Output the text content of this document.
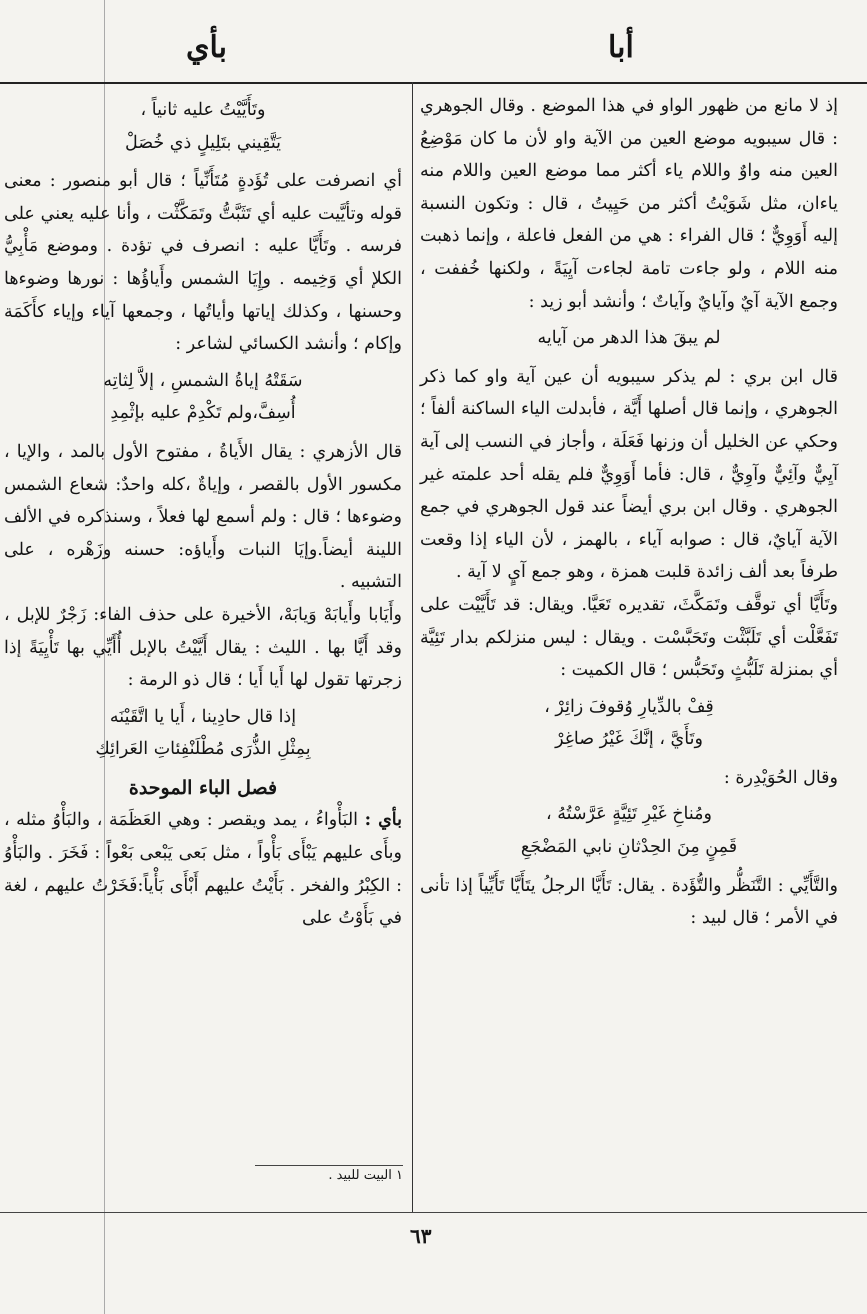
أبا
بأي

إذ لا مانع من ظهور الواو في هذا الموضع . وقال الجوهري : قال سيبويه موضع العين من الآية واو لأن ما كان مَوْضِعُ العين منه واوٌ واللام ياء أكثر مما موضع العين واللام منه ياءان، مثل شَوَيْتُ أكثر من حَيِيتُ ، قال : وتكون النسبة إليه أَوَوِيٌّ ؛ قال الفراء : هي من الفعل فاعلة ، وإنما ذهبت منه اللام ، ولو جاءت تامة لجاءت آيِيَةً ، ولكنها خُففت ، وجمع الآية آيٌ وآيايٌ وآياتٌ ؛ وأنشد أبو زيد :

لم يبقَ هذا الدهر من آيايه

قال ابن بري : لم يذكر سيبويه أن عين آية واو كما ذكر الجوهري ، وإنما قال أصلها أَيَّة ، فأبدلت الياء الساكنة ألفاً ؛ وحكي عن الخليل أن وزنها فَعَلَة ، وأجاز في النسب إلى آية آيِيٌّ وآئِيٌّ وآوِيٌّ ، قال: فأما أَوَوِيٌّ فلم يقله أحد علمته غير الجوهري . وقال ابن بري أيضاً عند قول الجوهري في جمع الآية آيايٌ، قال : صوابه آياء ، بالهمز ، لأن الياء إذا وقعت طرفاً بعد ألف زائدة قلبت همزة ، وهو جمع آيٍ لا آية .

وتَأَيَّا أي توقَّف وتَمَكَّثَ، تقديره تَعَيَّا. ويقال: قد تَأَيَّيْت على تَفَعَّلْت أي تَلَبَّثْت وتَحَبَّسْت . ويقال : ليس منزلكم بدار تَئِيَّة أي بمنزلة تَلَبُّثٍ وتَحَبُّس ؛ قال الكميت :

قِفْ بالدِّيارِ وُقوفَ زائِرْ ،

وتَأَيَّ ، إنَّكَ غَيْرُ صاغِرْ

وقال الحُوَيْدِرة :

ومُناخِ غَيْرِ تَئِيَّةٍ عَرَّسْتُهُ ،

قَمِنٍ مِنَ الحِدْثانِ نابي المَضْجَعِ

والتَّأَيِّي : التَّنَظُّر والتُّؤَدة . يقال: تَأَيَّا الرجلُ يتَأَيَّا تَأَيِّياً إذا تأنى في الأمر ؛ قال لبيد :

وتَأَيَّيْتُ عليه ثانياً ،

يَتَّقِيني بتَلِيلٍ ذي خُصَلْ

أي انصرفت على تُؤَدةٍ مُتَأَنِّياً ؛ قال أبو منصور : معنى قوله وتأيَّيت عليه أي تَثَبَّتُّ وتَمَكَّثْت ، وأنا عليه يعني على فرسه . وتَأَيَّا عليه : انصرف في تؤدة . وموضع مَأْبِيُّ الكلإ أي وَخِيمه . وإِيَا الشمس وأَياؤُها : نورها وضوءها وحسنها ، وكذلك إياتها وأياتُها ، وجمعها آياء وإياء كأَكَمَة وإكام ؛ وأنشد الكسائي لشاعر :

سَقَتْهُ إياةُ الشمسِ ، إلاَّ لِثاتِه

أُسِفَّ،ولم تَكْدِمْ عليه بإثْمِدِ

قال الأزهري : يقال الأَياةُ ، مفتوح الأول بالمد ، والإيا ، مكسور الأول بالقصر ، وإياةٌ ،كله واحدٌ: شعاع الشمس وضوءها ؛ قال : ولم أسمع لها فعلاً ، وسنذكره في الألف اللينة أيضاً.وإيَا النبات وأَياؤه: حسنه وزَهْره ، على التشبيه .

وأَيَابا وأَيابَهْ وَيابَهْ، الأخيرة على حذف الفاء: زَجْرٌ للإبل ، وقد أَيَّا بها . الليث : يقال أَيَّيْتُ بالإبل أُأَيِّي بها تَأْيِيَةً إذا زجرتها تقول لها أَيا أَيا ؛ قال ذو الرمة :

إذا قال حادِينا ، أَيا يا اتَّقَيْنَه

بِمِثْلِ الذُّرَى مُطْلَنْفِئاتِ العَرائِكِ

فصل الباء الموحدة

بأي : البَأْواءُ ، يمد ويقصر : وهي العَظَمَة ، والبَأْوُ مثله ، وبأَى عليهم يَبْأَى بَأْواً ، مثل بَعى يَبْعى بَعْواً : فَخَرَ . والبَأْوُ : الكِبْرُ والفخر . بَأَيْتُ عليهم أَبْأَى بَأْياً:فَخَرْتُ عليهم ، لغة في بَأَوْتُ على

١ البيت للبيد .
٦٣
